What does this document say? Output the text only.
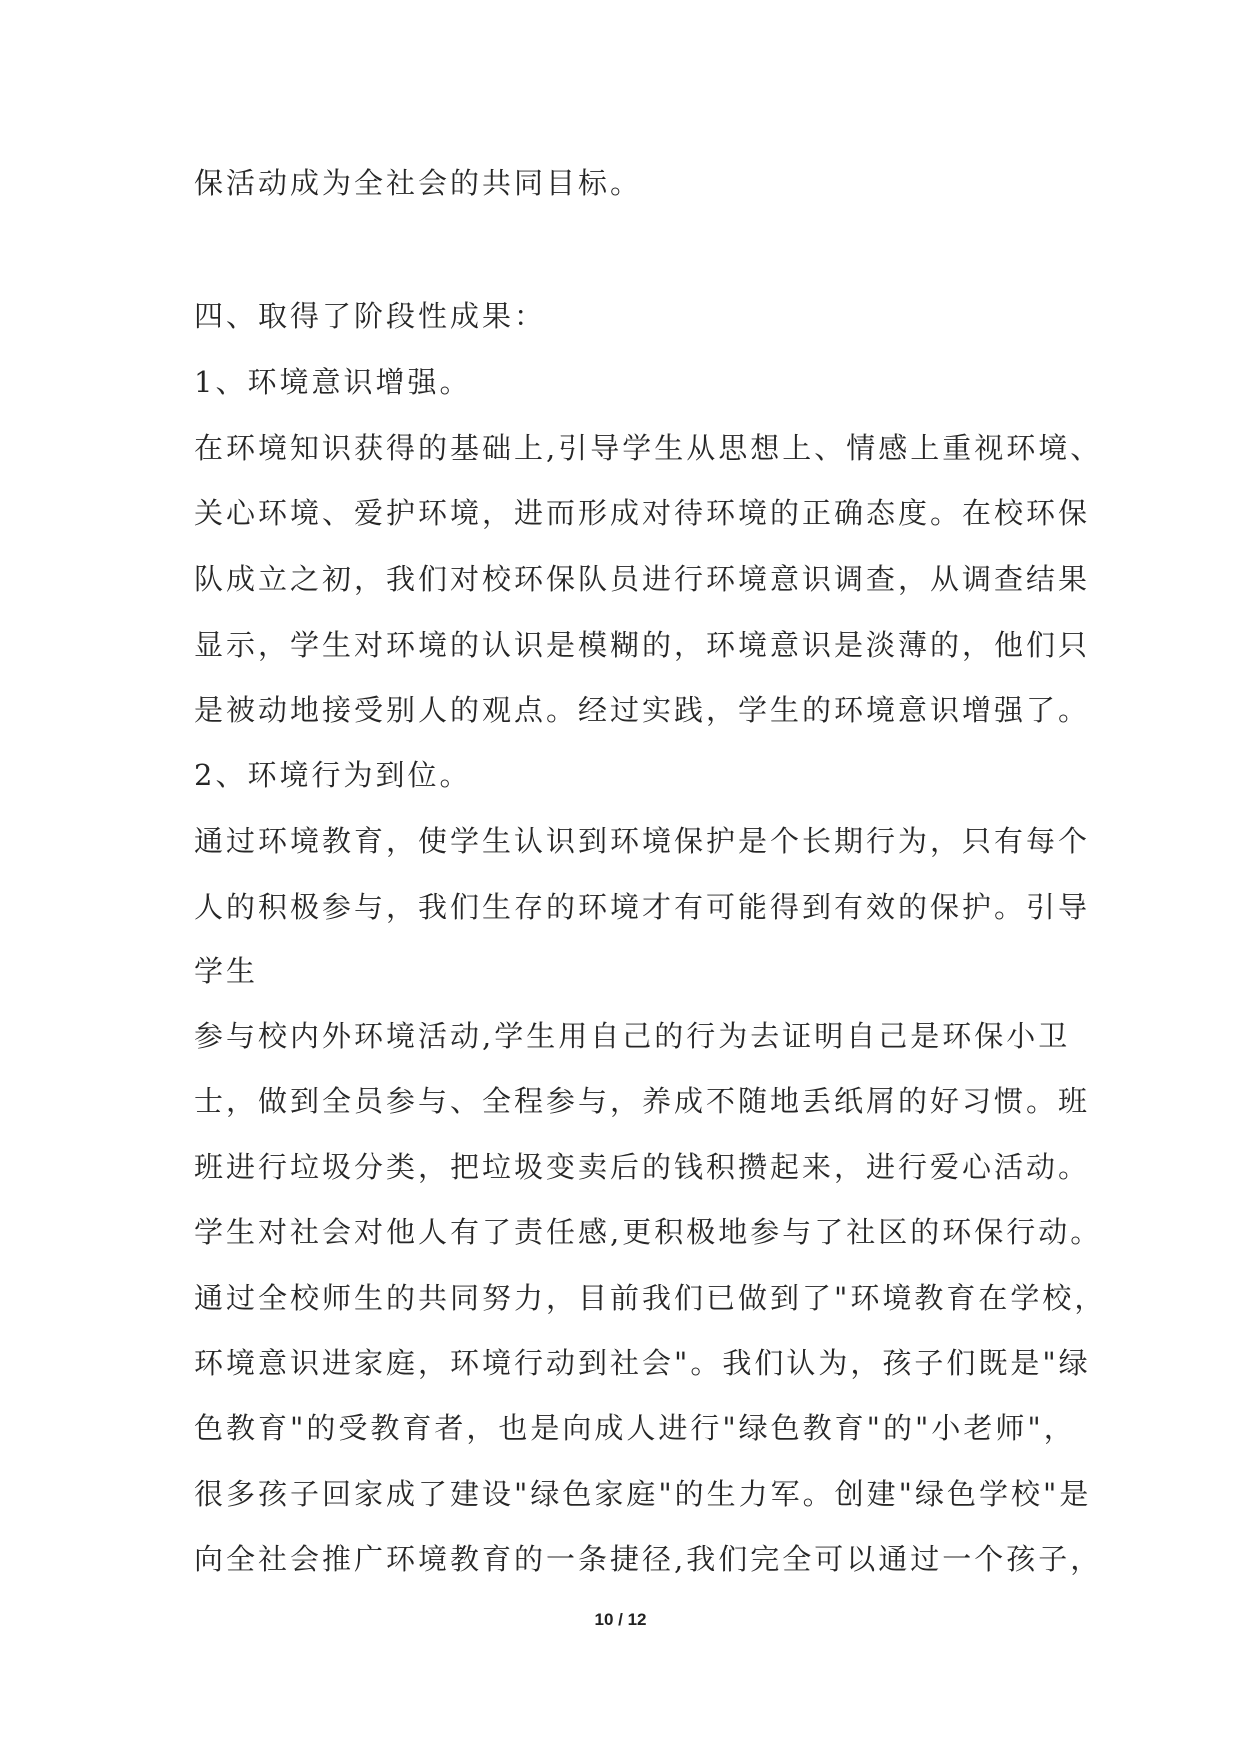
保活动成为全社会的共同目标。
四、取得了阶段性成果：
1、环境意识增强。
在环境知识获得的基础上,引导学生从思想上、情感上重视环境、
关心环境、爱护环境，进而形成对待环境的正确态度。在校环保
队成立之初，我们对校环保队员进行环境意识调查，从调查结果
显示，学生对环境的认识是模糊的，环境意识是淡薄的，他们只
是被动地接受别人的观点。经过实践，学生的环境意识增强了。
2、环境行为到位。
通过环境教育，使学生认识到环境保护是个长期行为，只有每个
人的积极参与，我们生存的环境才有可能得到有效的保护。引导
学生
参与校内外环境活动,学生用自己的行为去证明自己是环保小卫
士，做到全员参与、全程参与，养成不随地丢纸屑的好习惯。班
班进行垃圾分类，把垃圾变卖后的钱积攒起来，进行爱心活动。
学生对社会对他人有了责任感,更积极地参与了社区的环保行动。
通过全校师生的共同努力，目前我们已做到了"环境教育在学校，
环境意识进家庭，环境行动到社会"。我们认为，孩子们既是"绿
色教育"的受教育者，也是向成人进行"绿色教育"的"小老师"，
很多孩子回家成了建设"绿色家庭"的生力军。创建"绿色学校"是
向全社会推广环境教育的一条捷径,我们完全可以通过一个孩子，
10 / 12
